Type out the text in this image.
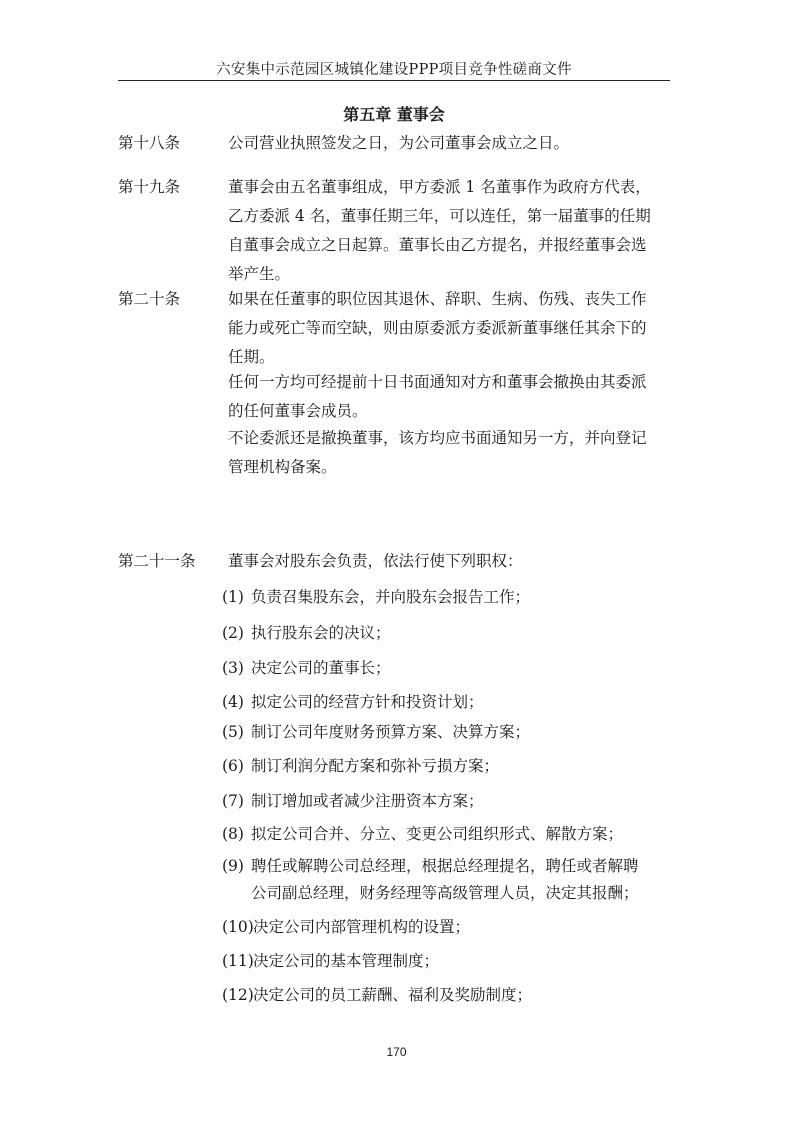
六安集中示范园区城镇化建设PPP项目竞争性磋商文件
第五章 董事会
第十八条	公司营业执照签发之日，为公司董事会成立之日。
第十九条	董事会由五名董事组成，甲方委派 1 名董事作为政府方代表，
乙方委派 4 名，董事任期三年，可以连任，第一届董事的任期
自董事会成立之日起算。董事长由乙方提名，并报经董事会选
举产生。
第二十条	如果在任董事的职位因其退休、辞职、生病、伤残、丧失工作
能力或死亡等而空缺，则由原委派方委派新董事继任其余下的
任期。
任何一方均可经提前十日书面通知对方和董事会撤换由其委派
的任何董事会成员。
不论委派还是撤换董事，该方均应书面通知另一方，并向登记
管理机构备案。
第二十一条 董事会对股东会负责，依法行使下列职权：
(1) 负责召集股东会，并向股东会报告工作；
(2) 执行股东会的决议；
(3) 决定公司的董事长；
(4) 拟定公司的经营方针和投资计划；
(5) 制订公司年度财务预算方案、决算方案；
(6) 制订利润分配方案和弥补亏损方案；
(7) 制订增加或者减少注册资本方案；
(8) 拟定公司合并、分立、变更公司组织形式、解散方案；
(9) 聘任或解聘公司总经理，根据总经理提名，聘任或者解聘
公司副总经理，财务经理等高级管理人员，决定其报酬；
(10)决定公司内部管理机构的设置；
(11)决定公司的基本管理制度；
(12)决定公司的员工薪酬、福利及奖励制度；
170
